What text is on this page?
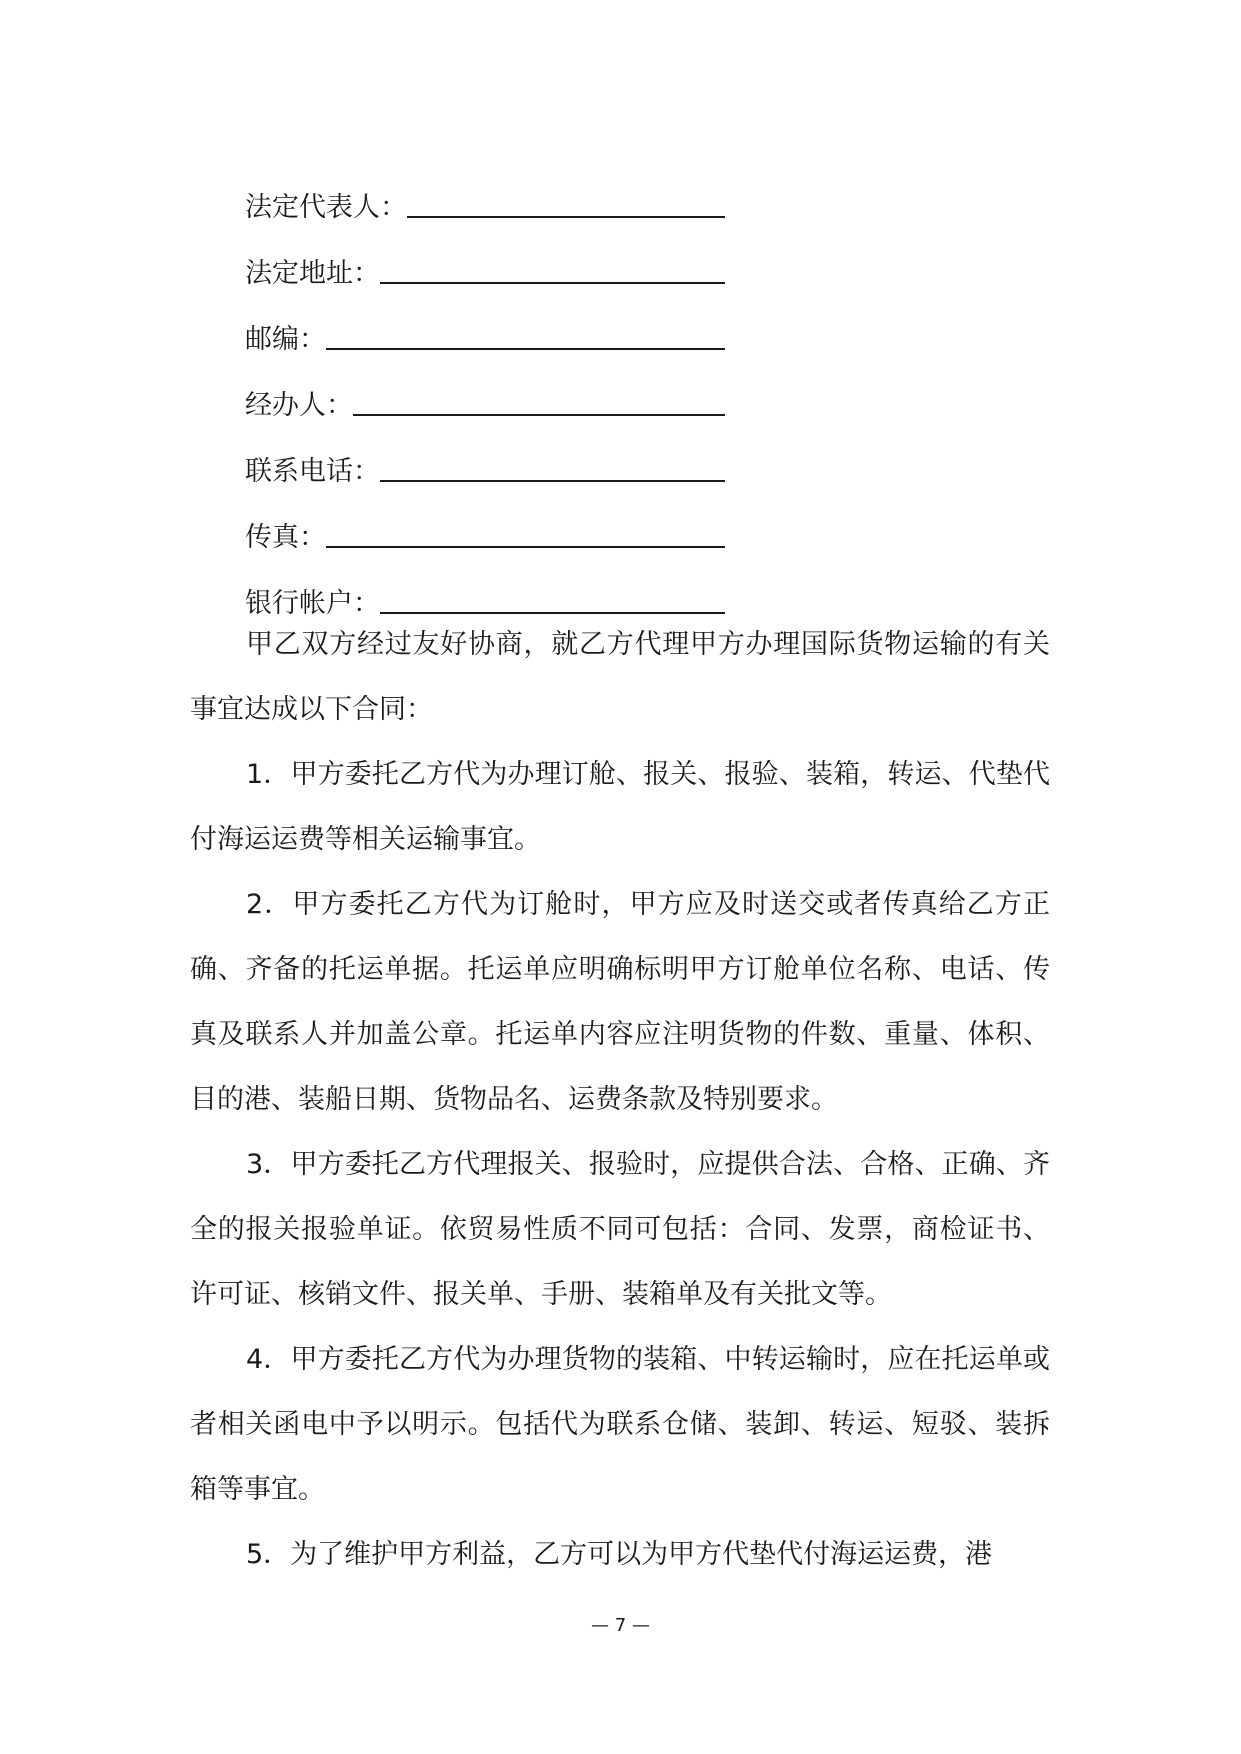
法定代表人：
法定地址：
邮编：
经办人：
联系电话：
传真：
银行帐户：

甲乙双方经过友好协商，就乙方代理甲方办理国际货物运输的有关事宜达成以下合同：

1．甲方委托乙方代为办理订舱、报关、报验、装箱，转运、代垫代付海运运费等相关运输事宜。

2．甲方委托乙方代为订舱时，甲方应及时送交或者传真给乙方正确、齐备的托运单据。托运单应明确标明甲方订舱单位名称、电话、传真及联系人并加盖公章。托运单内容应注明货物的件数、重量、体积、目的港、装船日期、货物品名、运费条款及特别要求。

3．甲方委托乙方代理报关、报验时，应提供合法、合格、正确、齐全的报关报验单证。依贸易性质不同可包括：合同、发票，商检证书、许可证、核销文件、报关单、手册、装箱单及有关批文等。

4．甲方委托乙方代为办理货物的装箱、中转运输时，应在托运单或者相关函电中予以明示。包括代为联系仓储、装卸、转运、短驳、装拆箱等事宜。

5．为了维护甲方利益，乙方可以为甲方代垫代付海运运费，港

— 7 —
